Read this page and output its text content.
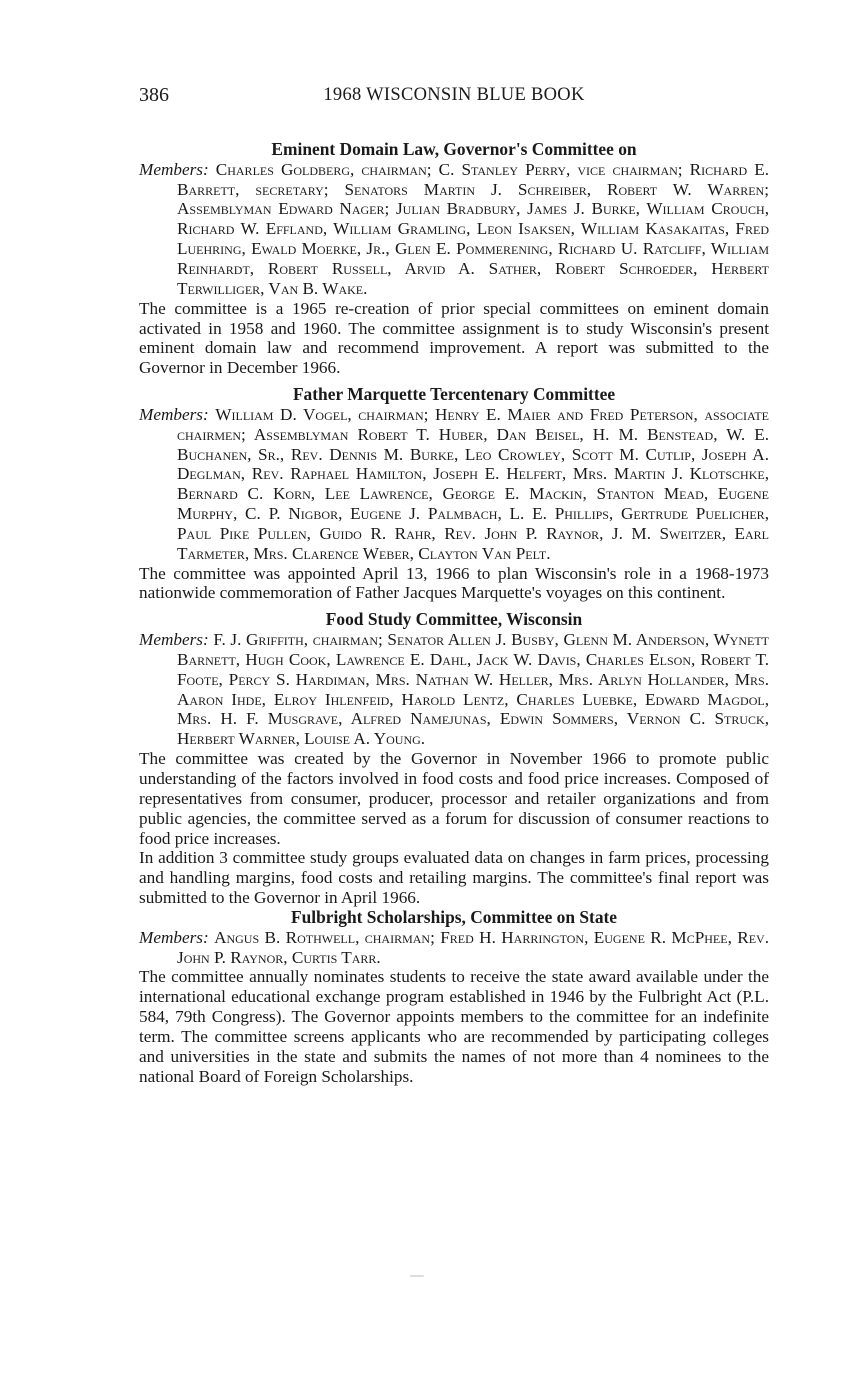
386	1968 WISCONSIN BLUE BOOK
Eminent Domain Law, Governor's Committee on

Members: Charles Goldberg, chairman; C. Stanley Perry, vice chairman; Richard E. Barrett, secretary; Senators Martin J. Schreiber, Robert W. Warren; Assemblyman Edward Nager; Julian Bradbury, James J. Burke, William Crouch, Richard W. Effland, William Gramling, Leon Isaksen, William Kasakaitas, Fred Luehring, Ewald Moerke, Jr., Glen E. Pommerening, Richard U. Ratcliff, William Reinhardt, Robert Russell, Arvid A. Sather, Robert Schroeder, Herbert Terwilliger, Van B. Wake.

The committee is a 1965 re-creation of prior special committees on eminent domain activated in 1958 and 1960. The committee assignment is to study Wisconsin's present eminent domain law and recommend improvement. A report was submitted to the Governor in December 1966.

Father Marquette Tercentenary Committee

Members: William D. Vogel, chairman; Henry E. Maier and Fred Peterson, associate chairmen; Assemblyman Robert T. Huber, Dan Beisel, H. M. Benstead, W. E. Buchanen, Sr., Rev. Dennis M. Burke, Leo Crowley, Scott M. Cutlip, Joseph A. Deglman, Rev. Raphael Hamilton, Joseph E. Helfert, Mrs. Martin J. Klotschke, Bernard C. Korn, Lee Lawrence, George E. Mackin, Stanton Mead, Eugene Murphy, C. P. Nigbor, Eugene J. Palmbach, L. E. Phillips, Gertrude Puelicher, Paul Pike Pullen, Guido R. Rahr, Rev. John P. Raynor, J. M. Sweitzer, Earl Tarmeter, Mrs. Clarence Weber, Clayton Van Pelt.

The committee was appointed April 13, 1966 to plan Wisconsin's role in a 1968-1973 nationwide commemoration of Father Jacques Marquette's voyages on this continent.

Food Study Committee, Wisconsin

Members: F. J. Griffith, chairman; Senator Allen J. Busby, Glenn M. Anderson, Wynett Barnett, Hugh Cook, Lawrence E. Dahl, Jack W. Davis, Charles Elson, Robert T. Foote, Percy S. Hardiman, Mrs. Nathan W. Heller, Mrs. Arlyn Hollander, Mrs. Aaron Ihde, Elroy Ihlenfeid, Harold Lentz, Charles Luebke, Edward Magdol, Mrs. H. F. Musgrave, Alfred Namejunas, Edwin Sommers, Vernon C. Struck, Herbert Warner, Louise A. Young.

The committee was created by the Governor in November 1966 to promote public understanding of the factors involved in food costs and food price increases. Composed of representatives from consumer, producer, processor and retailer organizations and from public agencies, the committee served as a forum for discussion of consumer reactions to food price increases.

In addition 3 committee study groups evaluated data on changes in farm prices, processing and handling margins, food costs and retailing margins. The committee's final report was submitted to the Governor in April 1966.

Fulbright Scholarships, Committee on State

Members: Angus B. Rothwell, chairman; Fred H. Harrington, Eugene R. McPhee, Rev. John P. Raynor, Curtis Tarr.

The committee annually nominates students to receive the state award available under the international educational exchange program established in 1946 by the Fulbright Act (P.L. 584, 79th Congress). The Governor appoints members to the committee for an indefinite term. The committee screens applicants who are recommended by participating colleges and universities in the state and submits the names of not more than 4 nominees to the national Board of Foreign Scholarships.
